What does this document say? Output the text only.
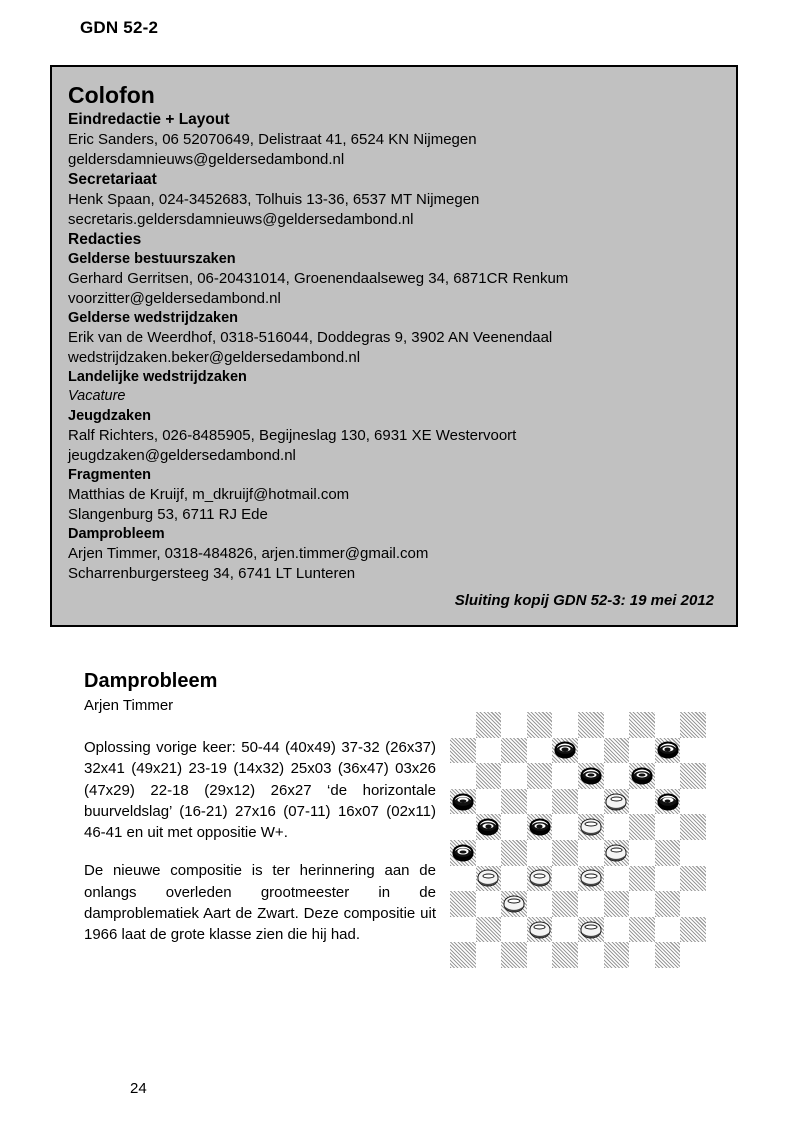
GDN 52-2
Colofon
Eindredactie + Layout
Eric Sanders, 06 52070649, Delistraat 41, 6524 KN Nijmegen
geldersdamnieuws@geldersedambond.nl
Secretariaat
Henk Spaan, 024-3452683, Tolhuis 13-36, 6537 MT Nijmegen
secretaris.geldersdamnieuws@geldersedambond.nl
Redacties
Gelderse bestuurszaken
Gerhard Gerritsen, 06-20431014, Groenendaalseweg 34, 6871CR Renkum
voorzitter@geldersedambond.nl
Gelderse wedstrijdzaken
Erik van de Weerdhof, 0318-516044, Doddegras 9, 3902 AN Veenendaal
wedstrijdzaken.beker@geldersedambond.nl
Landelijke wedstrijdzaken
Vacature
Jeugdzaken
Ralf Richters, 026-8485905, Begijneslag 130, 6931 XE Westervoort
jeugdzaken@geldersedambond.nl
Fragmenten
Matthias de Kruijf, m_dkruijf@hotmail.com
Slangenburg 53, 6711 RJ Ede
Damprobleem
Arjen Timmer, 0318-484826, arjen.timmer@gmail.com
Scharrenburgersteeg 34, 6741 LT Lunteren
Sluiting kopij GDN 52-3: 19 mei 2012
Damprobleem
Arjen Timmer

Oplossing vorige keer: 50-44 (40x49) 37-32 (26x37) 32x41 (49x21) 23-19 (14x32) 25x03 (36x47) 03x26 (47x29) 22-18 (29x12) 26x27 ‘de horizontale buurveldslag’ (16-21) 27x16 (07-11) 16x07 (02x11) 46-41 en uit met oppositie W+.

De nieuwe compositie is ter herinnering aan de onlangs overleden grootmeester in de damproblematiek Aart de Zwart. Deze compositie uit 1966 laat de grote klasse zien die hij had.

24
